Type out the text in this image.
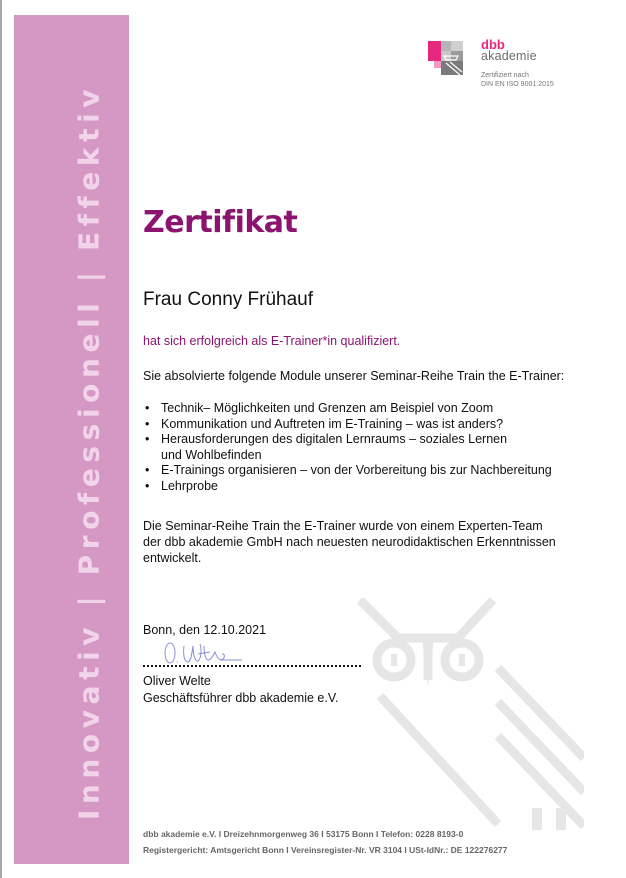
Innovativ | Professionell | Effektiv
dbb
akademie
Zertifiziert nach
DIN EN ISO 9001:2015
Zertifikat
Frau Conny Frühauf
hat sich erfolgreich als E-Trainer*in qualifiziert.
Sie absolvierte folgende Module unserer Seminar-Reihe Train the E-Trainer:
• Technik– Möglichkeiten und Grenzen am Beispiel von Zoom
• Kommunikation und Auftreten im E-Training – was ist anders?
• Herausforderungen des digitalen Lernraums – soziales Lernen
und Wohlbefinden
• E-Trainings organisieren – von der Vorbereitung bis zur Nachbereitung
• Lehrprobe
Die Seminar-Reihe Train the E-Trainer wurde von einem Experten-Team
der dbb akademie GmbH nach neuesten neurodidaktischen Erkenntnissen
entwickelt.
Bonn, den 12.10.2021
Oliver Welte
Geschäftsführer dbb akademie e.V.
dbb akademie e.V. I Dreizehnmorgenweg 36 I 53175 Bonn I Telefon: 0228 8193-0
Registergericht: Amtsgericht Bonn I Vereinsregister-Nr. VR 3104 I USt-IdNr.: DE 122276277
